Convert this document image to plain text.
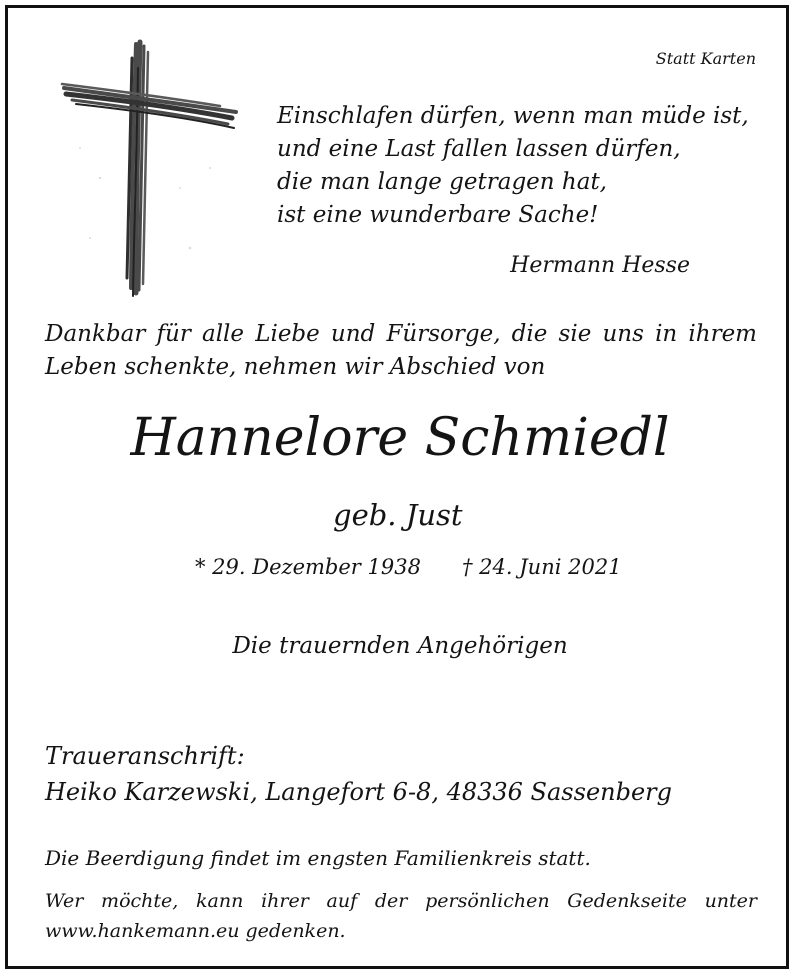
Statt Karten
Einschlafen dürfen, wenn man müde ist,
und eine Last fallen lassen dürfen,
die man lange getragen hat,
ist eine wunderbare Sache!
Hermann Hesse
Dankbar für alle Liebe und Fürsorge, die sie uns in ihrem
Leben schenkte, nehmen wir Abschied von
Hannelore Schmiedl
geb. Just
* 29. Dezember 1938 † 24. Juni 2021
Die trauernden Angehörigen
Traueranschrift:
Heiko Karzewski, Langefort 6-8, 48336 Sassenberg
Die Beerdigung findet im engsten Familienkreis statt.
Wer möchte, kann ihrer auf der persönlichen Gedenkseite unter
www.hankemann.eu gedenken.
